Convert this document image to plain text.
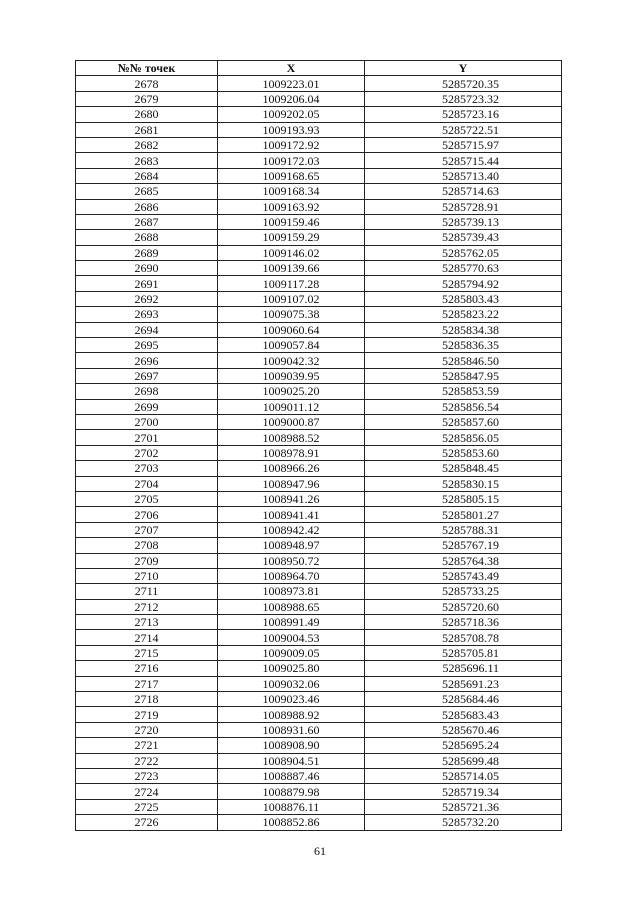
№№ точек	X	Y
2678	1009223.01	5285720.35
2679	1009206.04	5285723.32
2680	1009202.05	5285723.16
2681	1009193.93	5285722.51
2682	1009172.92	5285715.97
2683	1009172.03	5285715.44
2684	1009168.65	5285713.40
2685	1009168.34	5285714.63
2686	1009163.92	5285728.91
2687	1009159.46	5285739.13
2688	1009159.29	5285739.43
2689	1009146.02	5285762.05
2690	1009139.66	5285770.63
2691	1009117.28	5285794.92
2692	1009107.02	5285803.43
2693	1009075.38	5285823.22
2694	1009060.64	5285834.38
2695	1009057.84	5285836.35
2696	1009042.32	5285846.50
2697	1009039.95	5285847.95
2698	1009025.20	5285853.59
2699	1009011.12	5285856.54
2700	1009000.87	5285857.60
2701	1008988.52	5285856.05
2702	1008978.91	5285853.60
2703	1008966.26	5285848.45
2704	1008947.96	5285830.15
2705	1008941.26	5285805.15
2706	1008941.41	5285801.27
2707	1008942.42	5285788.31
2708	1008948.97	5285767.19
2709	1008950.72	5285764.38
2710	1008964.70	5285743.49
2711	1008973.81	5285733.25
2712	1008988.65	5285720.60
2713	1008991.49	5285718.36
2714	1009004.53	5285708.78
2715	1009009.05	5285705.81
2716	1009025.80	5285696.11
2717	1009032.06	5285691.23
2718	1009023.46	5285684.46
2719	1008988.92	5285683.43
2720	1008931.60	5285670.46
2721	1008908.90	5285695.24
2722	1008904.51	5285699.48
2723	1008887.46	5285714.05
2724	1008879.98	5285719.34
2725	1008876.11	5285721.36
2726	1008852.86	5285732.20
61
